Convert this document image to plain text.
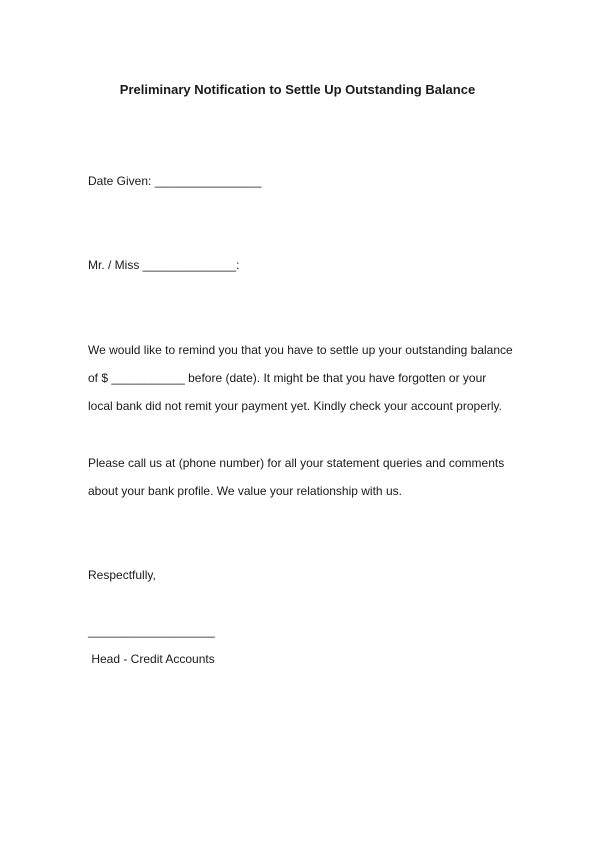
Preliminary Notification to Settle Up Outstanding Balance
Date Given: ________________
Mr. / Miss ______________:
We would like to remind you that you have to settle up your outstanding balance
of $ ___________ before (date). It might be that you have forgotten or your
local bank did not remit your payment yet. Kindly check your account properly.
Please call us at (phone number) for all your statement queries and comments
about your bank profile. We value your relationship with us.
Respectfully,
___________________
Head - Credit Accounts
